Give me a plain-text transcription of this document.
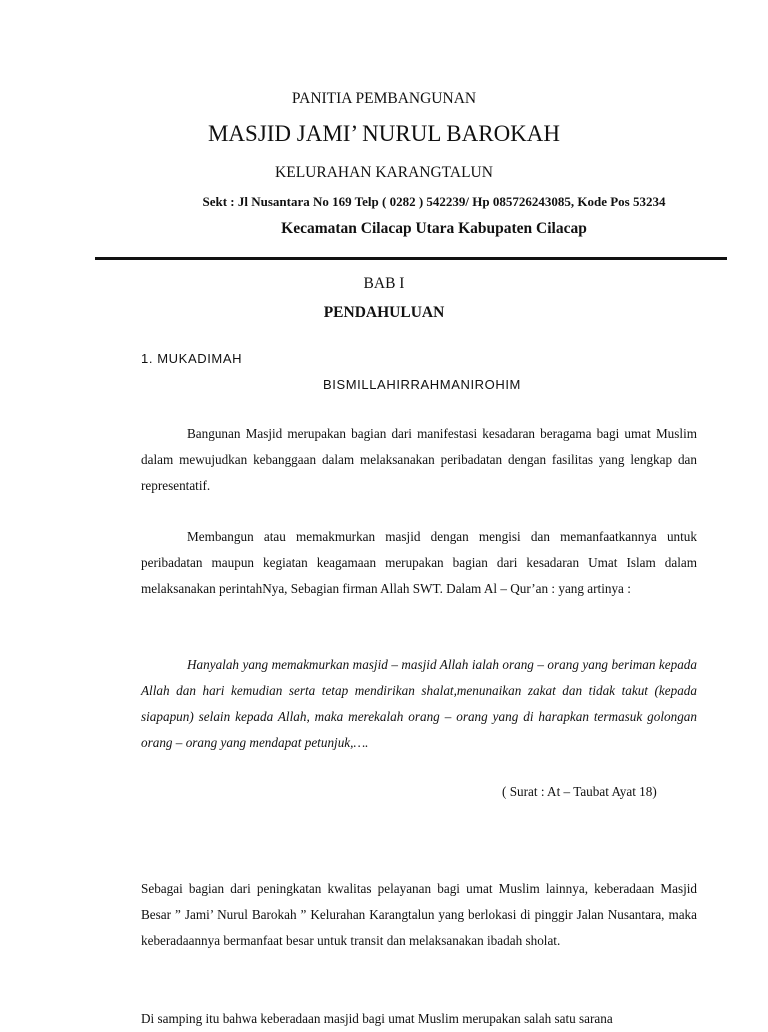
PANITIA PEMBANGUNAN
MASJID JAMI’ NURUL BAROKAH
KELURAHAN KARANGTALUN
Sekt : Jl Nusantara No 169 Telp ( 0282 ) 542239/ Hp 085726243085, Kode Pos 53234
Kecamatan Cilacap Utara Kabupaten Cilacap
BAB I
PENDAHULUAN
1. MUKADIMAH
BISMILLAHIRRAHMANIROHIM
Bangunan Masjid merupakan bagian dari manifestasi kesadaran beragama bagi umat Muslim dalam mewujudkan kebanggaan dalam melaksanakan peribadatan dengan fasilitas yang lengkap dan representatif.
Membangun atau memakmurkan masjid dengan mengisi dan memanfaatkannya untuk peribadatan maupun kegiatan keagamaan merupakan bagian dari kesadaran Umat Islam dalam melaksanakan perintahNya, Sebagian firman Allah SWT. Dalam Al – Qur’an : yang artinya :
Hanyalah yang memakmurkan masjid – masjid Allah ialah orang – orang yang beriman kepada Allah dan hari kemudian serta tetap mendirikan shalat,menunaikan zakat dan tidak takut (kepada siapapun) selain kepada Allah, maka merekalah orang – orang yang di harapkan termasuk golongan orang – orang yang mendapat petunjuk,….
( Surat : At – Taubat Ayat 18)
Sebagai bagian dari peningkatan kwalitas pelayanan bagi umat Muslim lainnya, keberadaan Masjid Besar ” Jami’ Nurul Barokah ” Kelurahan Karangtalun yang berlokasi di pinggir Jalan Nusantara, maka keberadaannya bermanfaat besar untuk transit dan melaksanakan ibadah sholat.
Di samping itu bahwa keberadaan masjid bagi umat Muslim merupakan salah satu sarana
